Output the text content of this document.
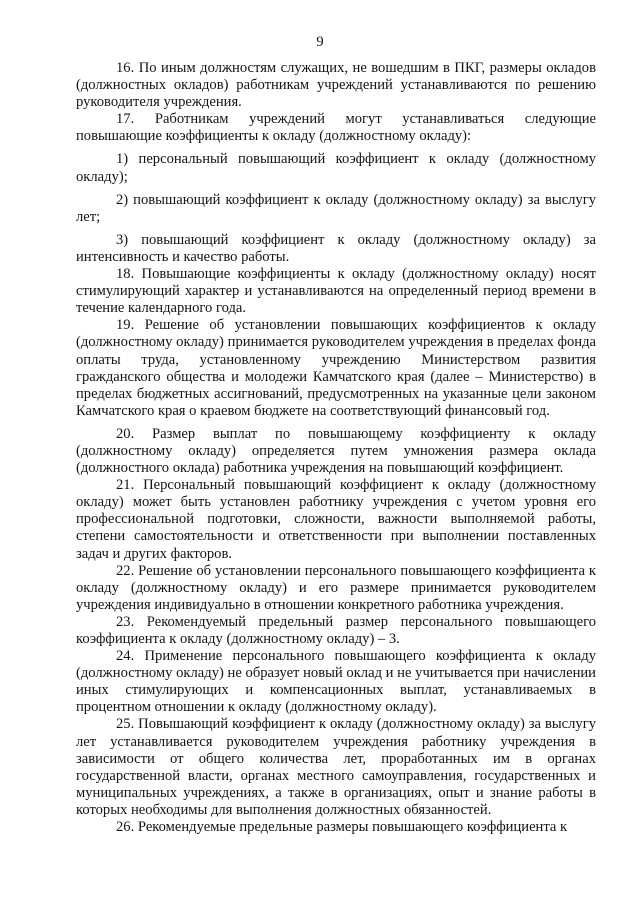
9

16. По иным должностям служащих, не вошедшим в ПКГ, размеры окладов (должностных окладов) работникам учреждений устанавливаются по решению руководителя учреждения.

17. Работникам учреждений могут устанавливаться следующие повышающие коэффициенты к окладу (должностному окладу):

1) персональный повышающий коэффициент к окладу (должностному окладу);

2) повышающий коэффициент к окладу (должностному окладу) за выслугу лет;

3) повышающий коэффициент к окладу (должностному окладу) за интенсивность и качество работы.

18. Повышающие коэффициенты к окладу (должностному окладу) носят стимулирующий характер и устанавливаются на определенный период времени в течение календарного года.

19. Решение об установлении повышающих коэффициентов к окладу (должностному окладу) принимается руководителем учреждения в пределах фонда оплаты труда, установленному учреждению Министерством развития гражданского общества и молодежи Камчатского края (далее – Министерство) в пределах бюджетных ассигнований, предусмотренных на указанные цели законом Камчатского края о краевом бюджете на соответствующий финансовый год.

20. Размер выплат по повышающему коэффициенту к окладу (должностному окладу) определяется путем умножения размера оклада (должностного оклада) работника учреждения на повышающий коэффициент.

21. Персональный повышающий коэффициент к окладу (должностному окладу) может быть установлен работнику учреждения с учетом уровня его профессиональной подготовки, сложности, важности выполняемой работы, степени самостоятельности и ответственности при выполнении поставленных задач и других факторов.

22. Решение об установлении персонального повышающего коэффициента к окладу (должностному окладу) и его размере принимается руководителем учреждения индивидуально в отношении конкретного работника учреждения.

23. Рекомендуемый предельный размер персонального повышающего коэффициента к окладу (должностному окладу) – 3.

24. Применение персонального повышающего коэффициента к окладу (должностному окладу) не образует новый оклад и не учитывается при начислении иных стимулирующих и компенсационных выплат, устанавливаемых в процентном отношении к окладу (должностному окладу).

25. Повышающий коэффициент к окладу (должностному окладу) за выслугу лет устанавливается руководителем учреждения работнику учреждения в зависимости от общего количества лет, проработанных им в органах государственной власти, органах местного самоуправления, государственных и муниципальных учреждениях, а также в организациях, опыт и знание работы в которых необходимы для выполнения должностных обязанностей.

26. Рекомендуемые предельные размеры повышающего коэффициента к
